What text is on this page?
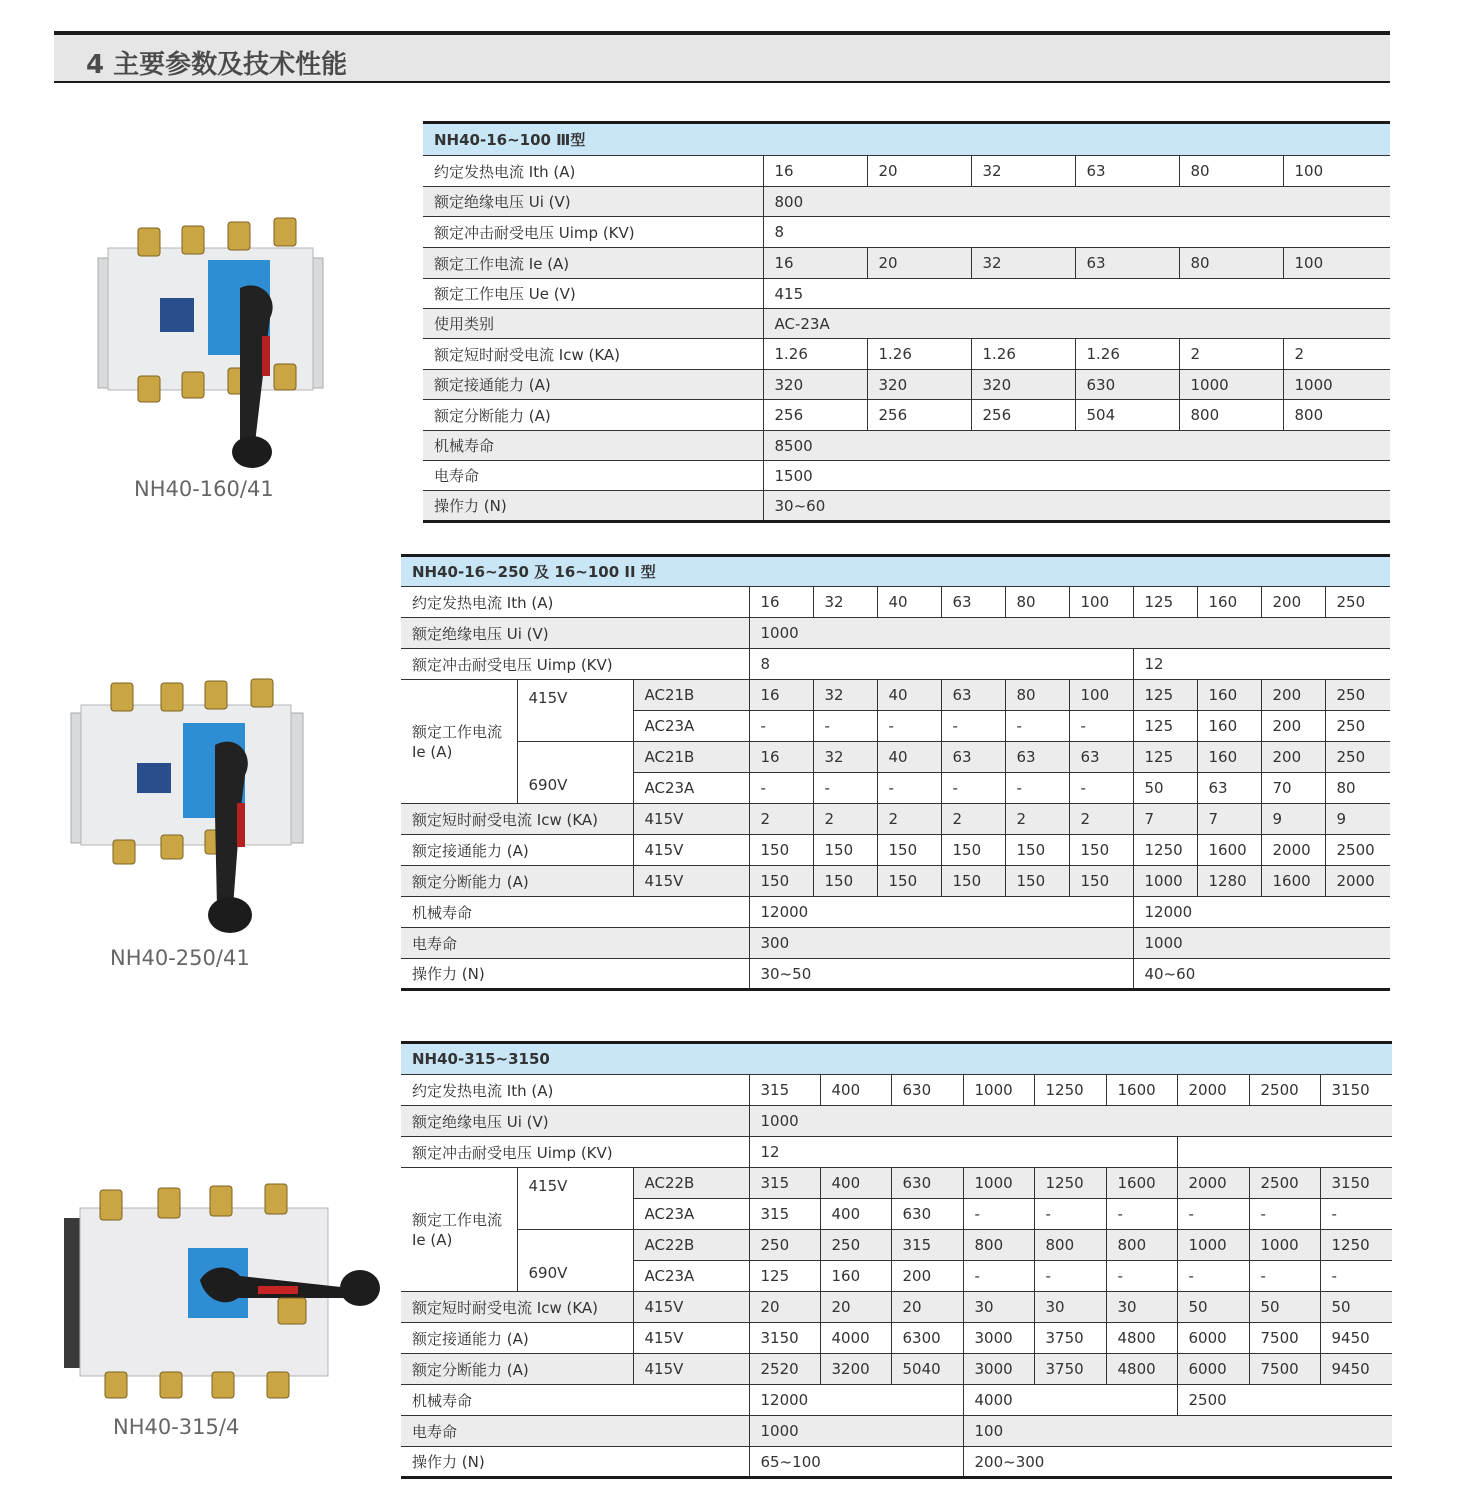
4 主要参数及技术性能
NH40-160/41
NH40-250/41
NH40-315/4
NH40-16~100 Ⅲ型						
约定发热电流 Ith (A)	16	20	32	63	80	100
额定绝缘电压 Ui (V)	800					
额定冲击耐受电压 Uimp (KV)	8					
额定工作电流 Ie (A)	16	20	32	63	80	100
额定工作电压 Ue (V)	415					
使用类别	AC-23A					
额定短时耐受电流 Icw (KA)	1.26	1.26	1.26	1.26	2	2
额定接通能力 (A)	320	320	320	630	1000	1000
额定分断能力 (A)	256	256	256	504	800	800
机械寿命	8500					
电寿命	1500					
操作力 (N)	30~60					
NH40-16~250 及 16~100 II 型												
约定发热电流 Ith (A)			16	32	40	63	80	100	125	160	200	250
额定绝缘电压 Ui (V)			1000									
额定冲击耐受电压 Uimp (KV)			8						12			
额定工作电流
Ie (A)	415V	AC21B	16	32	40	63	80	100	125	160	200	250
		AC23A	-	-	-	-	-	-	125	160	200	250
	690V	AC21B	16	32	40	63	63	63	125	160	200	250
		AC23A	-	-	-	-	-	-	50	63	70	80
额定短时耐受电流 Icw (KA)		415V	2	2	2	2	2	2	7	7	9	9
额定接通能力 (A)		415V	150	150	150	150	150	150	1250	1600	2000	2500
额定分断能力 (A)		415V	150	150	150	150	150	150	1000	1280	1600	2000
机械寿命			12000						12000			
电寿命			300						1000			
操作力 (N)			30~50						40~60			
NH40-315~3150											
约定发热电流 Ith (A)			315	400	630	1000	1250	1600	2000	2500	3150
额定绝缘电压 Ui (V)			1000								
额定冲击耐受电压 Uimp (KV)			12								
额定工作电流
Ie (A)	415V	AC22B	315	400	630	1000	1250	1600	2000	2500	3150
		AC23A	315	400	630	-	-	-	-	-	-
	690V	AC22B	250	250	315	800	800	800	1000	1000	1250
		AC23A	125	160	200	-	-	-	-	-	-
额定短时耐受电流 Icw (KA)		415V	20	20	20	30	30	30	50	50	50
额定接通能力 (A)		415V	3150	4000	6300	3000	3750	4800	6000	7500	9450
额定分断能力 (A)		415V	2520	3200	5040	3000	3750	4800	6000	7500	9450
机械寿命			12000			4000			2500		
电寿命			1000			100					
操作力 (N)			65~100			200~300					
